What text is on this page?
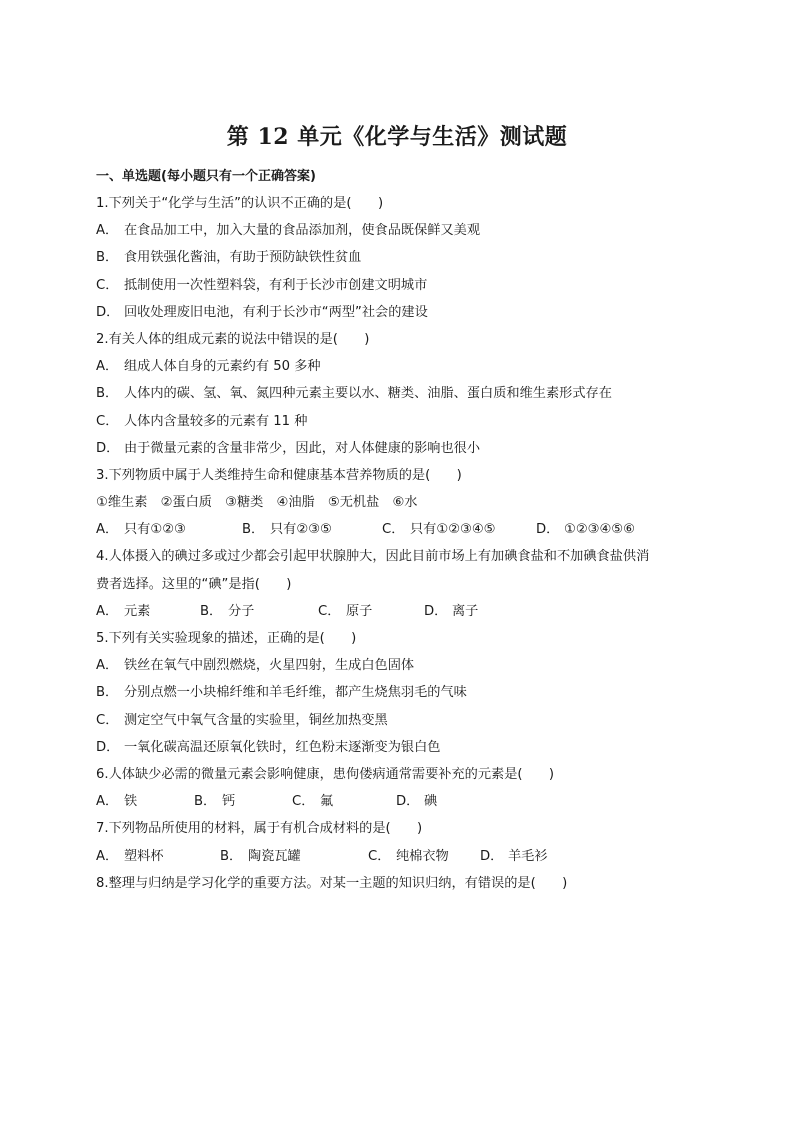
第 12 单元《化学与生活》测试题
一、单选题(每小题只有一个正确答案)
1.下列关于“化学与生活”的认识不正确的是(　　)
A． 在食品加工中，加入大量的食品添加剂，使食品既保鲜又美观
B． 食用铁强化酱油，有助于预防缺铁性贫血
C． 抵制使用一次性塑料袋，有利于长沙市创建文明城市
D． 回收处理废旧电池，有利于长沙市“两型”社会的建设
2.有关人体的组成元素的说法中错误的是(　　)
A． 组成人体自身的元素约有 50 多种
B． 人体内的碳、氢、氧、氮四种元素主要以水、糖类、油脂、蛋白质和维生素形式存在
C． 人体内含量较多的元素有 11 种
D． 由于微量元素的含量非常少，因此，对人体健康的影响也很小
3.下列物质中属于人类维持生命和健康基本营养物质的是(　　)
①维生素　②蛋白质　③糖类　④油脂　⑤无机盐　⑥水
A． 只有①②③	B． 只有②③⑤	C． 只有①②③④⑤	D． ①②③④⑤⑥
4.人体摄入的碘过多或过少都会引起甲状腺肿大，因此目前市场上有加碘食盐和不加碘食盐供消
费者选择。这里的“碘”是指(　　)
A． 元素	B． 分子	C． 原子	D． 离子
5.下列有关实验现象的描述，正确的是(　　)
A． 铁丝在氧气中剧烈燃烧，火星四射，生成白色固体
B． 分别点燃一小块棉纤维和羊毛纤维，都产生烧焦羽毛的气味
C． 测定空气中氧气含量的实验里，铜丝加热变黑
D． 一氧化碳高温还原氧化铁时，红色粉末逐渐变为银白色
6.人体缺少必需的微量元素会影响健康，患佝偻病通常需要补充的元素是(　　)
A． 铁	B． 钙	C． 氟	D． 碘
7.下列物品所使用的材料，属于有机合成材料的是(　　)
A． 塑料杯	B． 陶瓷瓦罐	C． 纯棉衣物 D． 羊毛衫
8.整理与归纳是学习化学的重要方法。对某一主题的知识归纳，有错误的是(　　)
